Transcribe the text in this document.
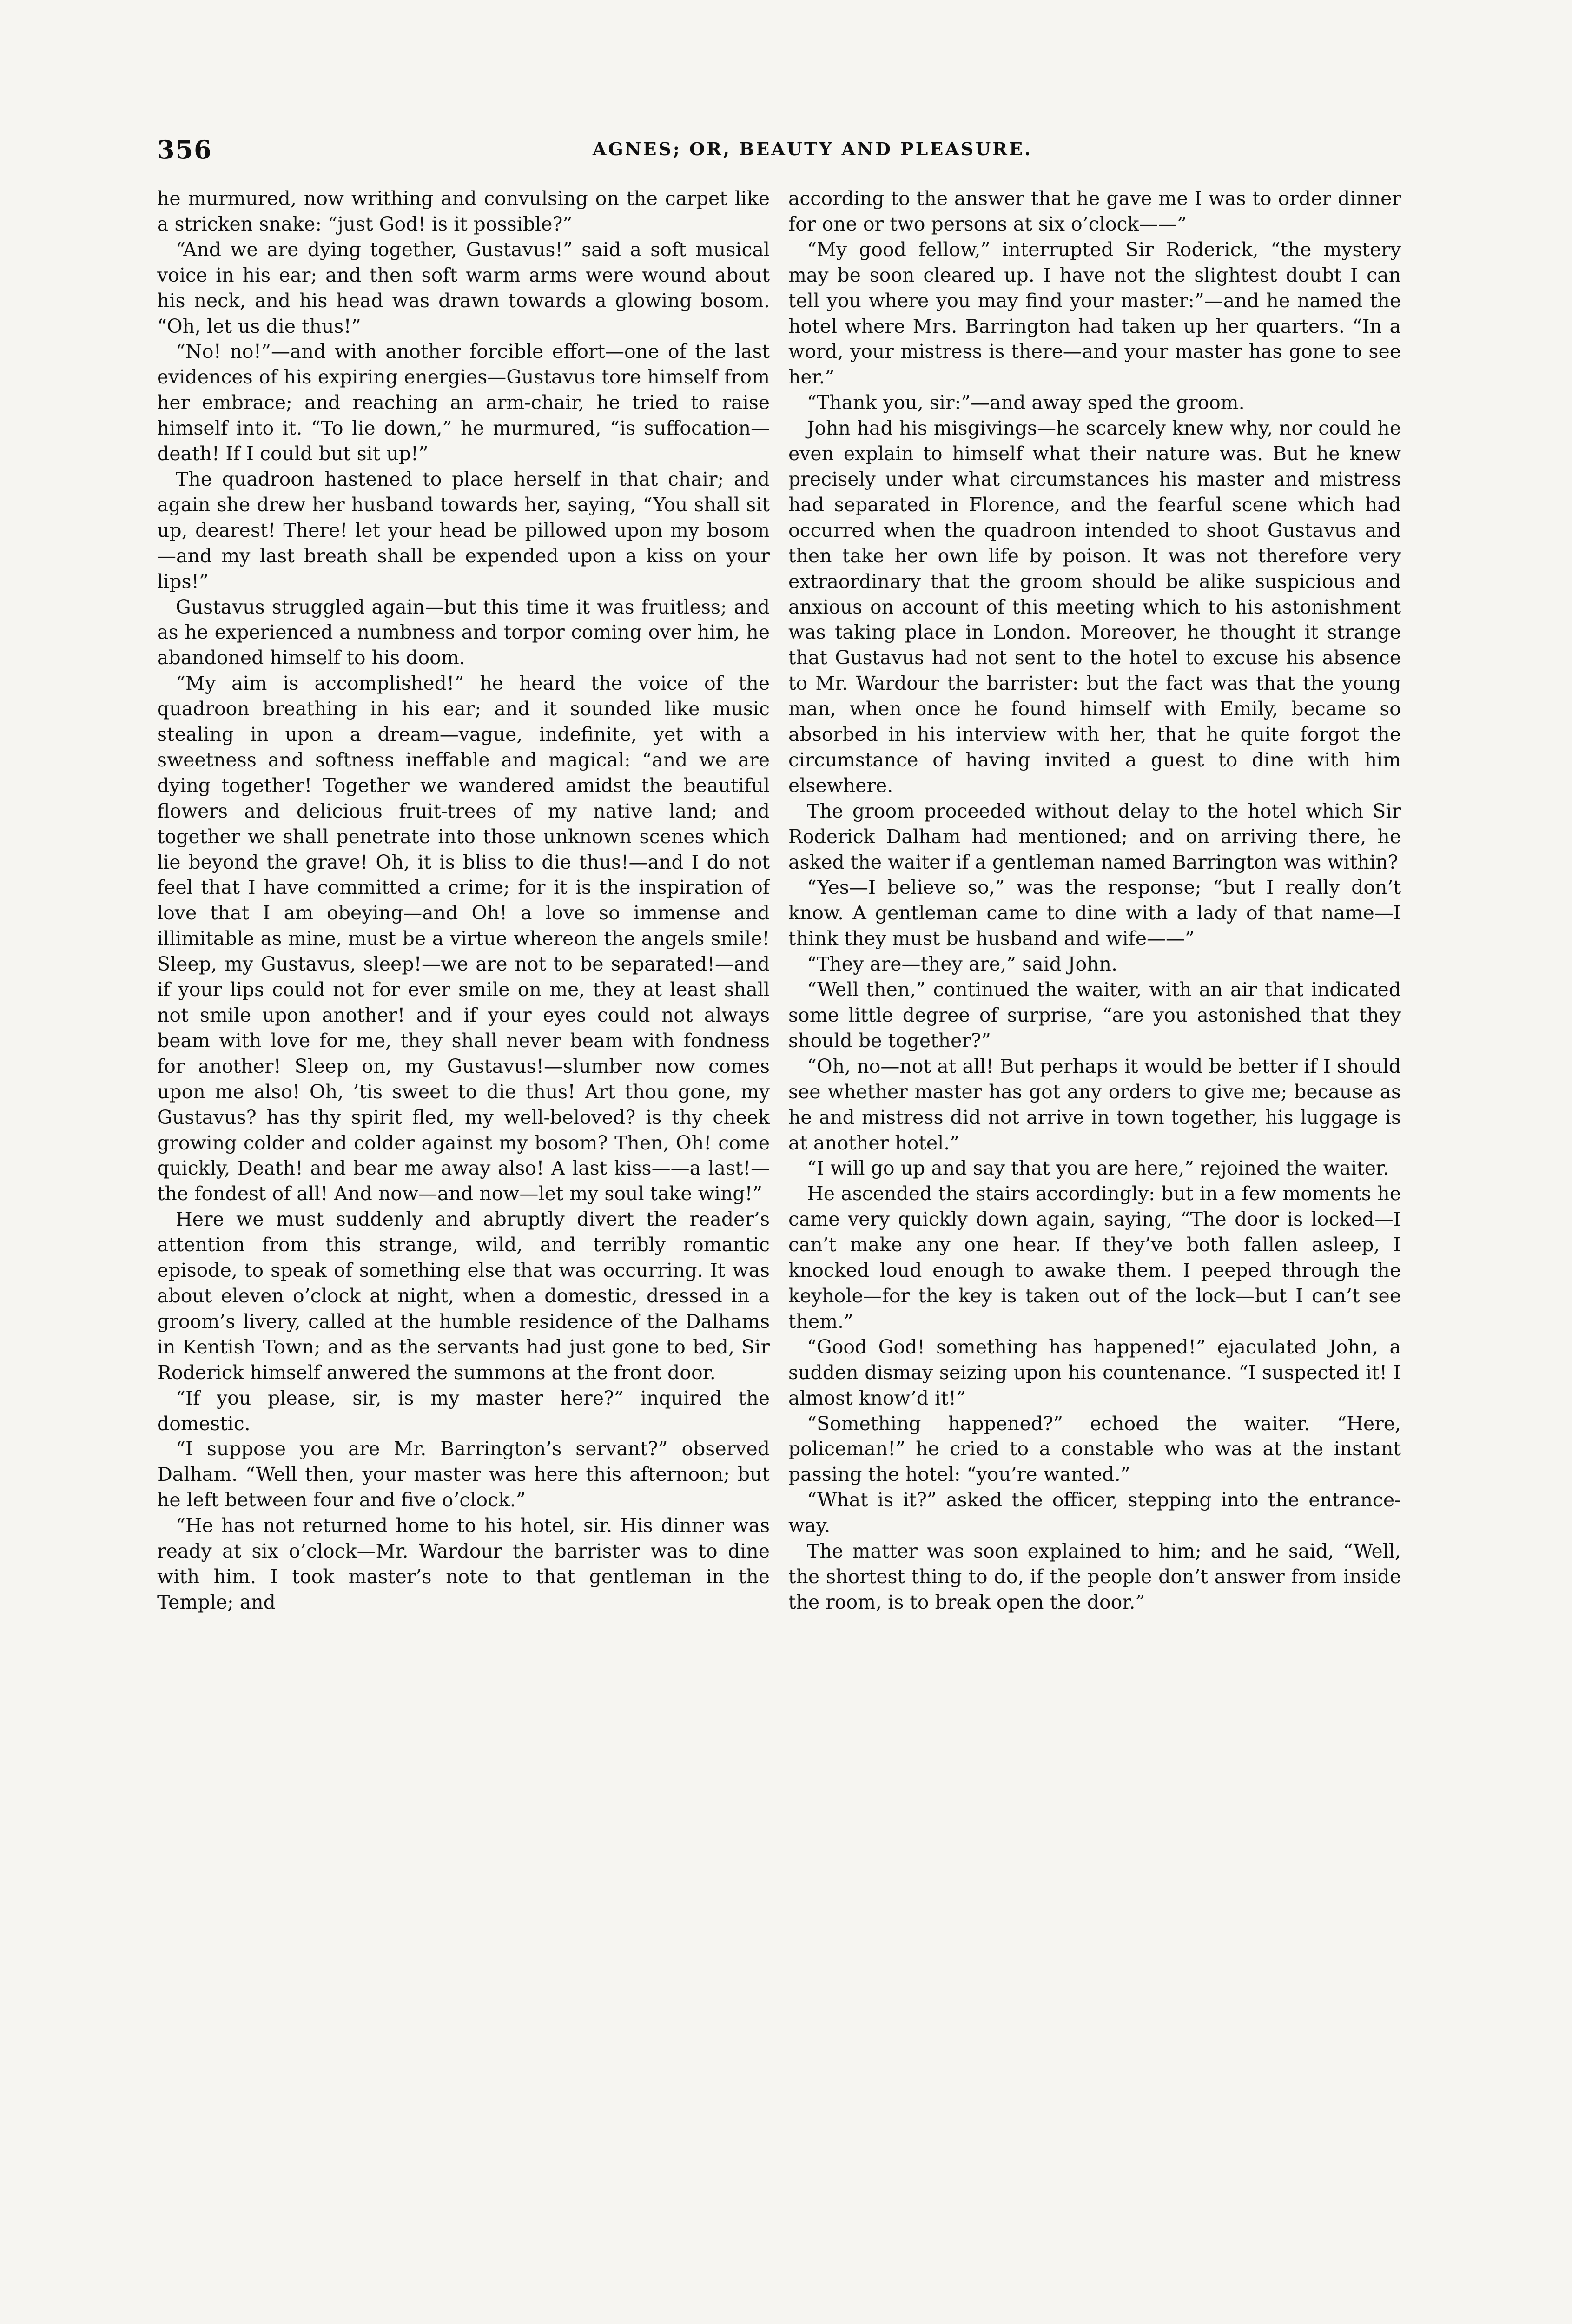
356	AGNES; OR, BEAUTY AND PLEASURE.

he murmured, now writhing and convulsing on the carpet like a stricken snake: “just God! is it possible?”

“And we are dying together, Gustavus!” said a soft musical voice in his ear; and then soft warm arms were wound about his neck, and his head was drawn towards a glowing bosom. “Oh, let us die thus!”

“No! no!”—and with another forcible effort—one of the last evidences of his expiring energies—Gustavus tore himself from her embrace; and reaching an arm-chair, he tried to raise himself into it. “To lie down,” he murmured, “is suffocation—death! If I could but sit up!”

The quadroon hastened to place herself in that chair; and again she drew her husband towards her, saying, “You shall sit up, dearest! There! let your head be pillowed upon my bosom—and my last breath shall be expended upon a kiss on your lips!”

Gustavus struggled again—but this time it was fruitless; and as he experienced a numbness and torpor coming over him, he abandoned himself to his doom.

“My aim is accomplished!” he heard the voice of the quadroon breathing in his ear; and it sounded like music stealing in upon a dream—vague, indefinite, yet with a sweetness and softness ineffable and magical: “and we are dying together! Together we wandered amidst the beautiful flowers and delicious fruit-trees of my native land; and together we shall penetrate into those unknown scenes which lie beyond the grave! Oh, it is bliss to die thus!—and I do not feel that I have committed a crime; for it is the inspiration of love that I am obeying—and Oh! a love so immense and illimitable as mine, must be a virtue whereon the angels smile! Sleep, my Gustavus, sleep!—we are not to be separated!—and if your lips could not for ever smile on me, they at least shall not smile upon another! and if your eyes could not always beam with love for me, they shall never beam with fondness for another! Sleep on, my Gustavus!—slumber now comes upon me also! Oh, ’tis sweet to die thus! Art thou gone, my Gustavus? has thy spirit fled, my well-beloved? is thy cheek growing colder and colder against my bosom? Then, Oh! come quickly, Death! and bear me away also! A last kiss——a last!—the fondest of all! And now—and now—let my soul take wing!”

Here we must suddenly and abruptly divert the reader’s attention from this strange, wild, and terribly romantic episode, to speak of something else that was occurring. It was about eleven o’clock at night, when a domestic, dressed in a groom’s livery, called at the humble residence of the Dalhams in Kentish Town; and as the servants had just gone to bed, Sir Roderick himself anwered the summons at the front door.

“If you please, sir, is my master here?” inquired the domestic.

“I suppose you are Mr. Barrington’s servant?” observed Dalham. “Well then, your master was here this afternoon; but he left between four and five o’clock.”

“He has not returned home to his hotel, sir. His dinner was ready at six o’clock—Mr. Wardour the barrister was to dine with him. I took master’s note to that gentleman in the Temple; and

according to the answer that he gave me I was to order dinner for one or two persons at six o’clock——”

“My good fellow,” interrupted Sir Roderick, “the mystery may be soon cleared up. I have not the slightest doubt I can tell you where you may find your master:”—and he named the hotel where Mrs. Barrington had taken up her quarters. “In a word, your mistress is there—and your master has gone to see her.”

“Thank you, sir:”—and away sped the groom.

John had his misgivings—he scarcely knew why, nor could he even explain to himself what their nature was. But he knew precisely under what circumstances his master and mistress had separated in Florence, and the fearful scene which had occurred when the quadroon intended to shoot Gustavus and then take her own life by poison. It was not therefore very extraordinary that the groom should be alike suspicious and anxious on account of this meeting which to his astonishment was taking place in London. Moreover, he thought it strange that Gustavus had not sent to the hotel to excuse his absence to Mr. Wardour the barrister: but the fact was that the young man, when once he found himself with Emily, became so absorbed in his interview with her, that he quite forgot the circumstance of having invited a guest to dine with him elsewhere.

The groom proceeded without delay to the hotel which Sir Roderick Dalham had mentioned; and on arriving there, he asked the waiter if a gentleman named Barrington was within?

“Yes—I believe so,” was the response; “but I really don’t know. A gentleman came to dine with a lady of that name—I think they must be husband and wife——”

“They are—they are,” said John.

“Well then,” continued the waiter, with an air that indicated some little degree of surprise, “are you astonished that they should be together?”

“Oh, no—not at all! But perhaps it would be better if I should see whether master has got any orders to give me; because as he and mistress did not arrive in town together, his luggage is at another hotel.”

“I will go up and say that you are here,” rejoined the waiter.

He ascended the stairs accordingly: but in a few moments he came very quickly down again, saying, “The door is locked—I can’t make any one hear. If they’ve both fallen asleep, I knocked loud enough to awake them. I peeped through the keyhole—for the key is taken out of the lock—but I can’t see them.”

“Good God! something has happened!” ejaculated John, a sudden dismay seizing upon his countenance. “I suspected it! I almost know’d it!”

“Something happened?” echoed the waiter. “Here, policeman!” he cried to a constable who was at the instant passing the hotel: “you’re wanted.”

“What is it?” asked the officer, stepping into the entrance-way.

The matter was soon explained to him; and he said, “Well, the shortest thing to do, if the people don’t answer from inside the room, is to break open the door.”
